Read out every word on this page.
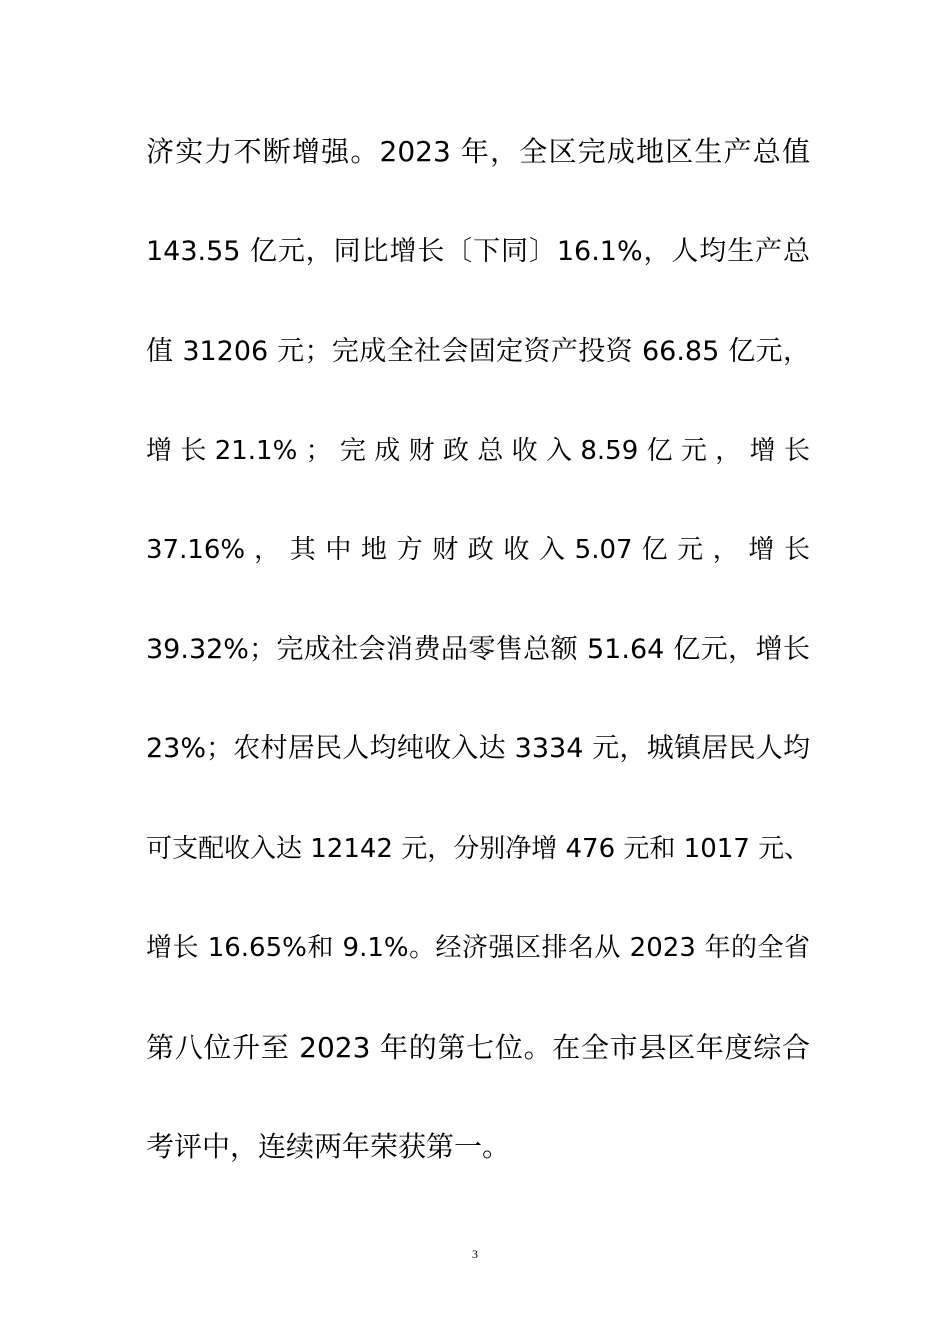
济实力不断增强。2023 年，全区完成地区生产总值
143.55 亿元，同比增长〔下同〕16.1%，人均生产总
值 31206 元；完成全社会固定资产投资 66.85 亿元，
增 长 21.1% ； 完 成 财 政 总 收 入 8.59 亿 元 ， 增 长
37.16% ， 其 中 地 方 财 政 收 入 5.07 亿 元 ， 增 长
39.32%；完成社会消费品零售总额 51.64 亿元，增长
23%；农村居民人均纯收入达 3334 元，城镇居民人均
可支配收入达 12142 元，分别净增 476 元和 1017 元、
增长 16.65%和 9.1%。经济强区排名从 2023 年的全省
第八位升至 2023 年的第七位。在全市县区年度综合
考评中，连续两年荣获第一。
3
